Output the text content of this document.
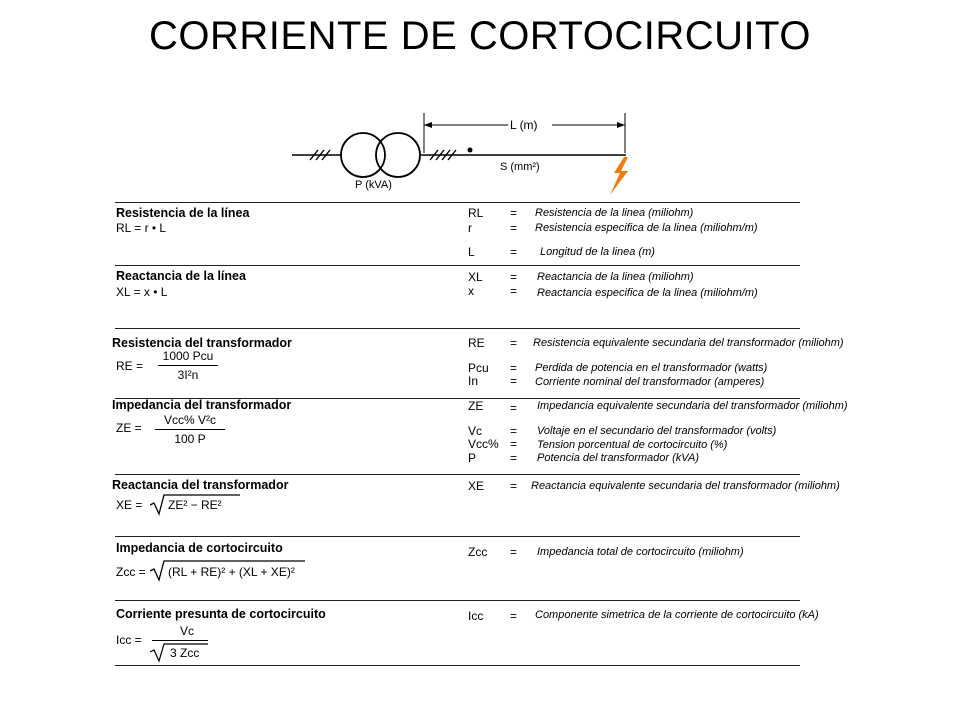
CORRIENTE DE CORTOCIRCUITO
L (m)
S (mm²)
P (kVA)
Resistencia de la línea
RL = r • L
RL = Resistencia de la linea (miliohm)
r	= Resistencia especifica de la linea (miliohm/m)
L	= Longitud de la linea (m)
Reactancia de la línea
XL = x • L
XL = Reactancia de la linea (miliohm)
x	= Reactancia especifica de la linea (miliohm/m)
Resistencia del transformador
RE =
1000 Pcu
3I²n
RE = Resistencia equivalente secundaria del transformador (miliohm)
Pcu = Perdida de potencia en el transformador (watts)
In	= Corriente nominal del transformador (amperes)
Impedancia del transformador
ZE =
Vcc% V²c
100 P
ZE = Impedancia equivalente secundaria del transformador (miliohm)
Vc = Voltaje en el secundario del transformador (volts)
Vcc% = Tension porcentual de cortocircuito (%)
P	= Potencia del transformador (kVA)
Reactancia del transformador
XE = ZE² − RE²
XE = Reactancia equivalente secundaria del transformador (miliohm)
Impedancia de cortocircuito
Zcc = (RL + RE)² + (XL + XE)²
Zcc = Impedancia total de cortocircuito (miliohm)
Corriente presunta de cortocircuito
Icc =
Vc
3 Zcc
Icc = Componente simetrica de la corriente de cortocircuito (kA)
